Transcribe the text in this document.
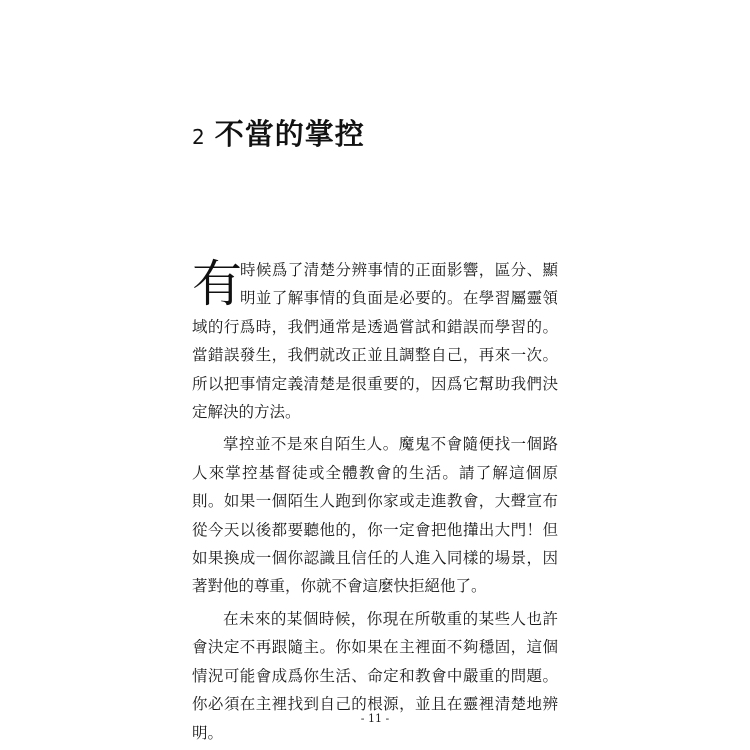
2 不當的掌控

有
時候爲了清楚分辨事情的正面影響，區分、顯明並了解事情的負面是必要的。在學習屬靈領域的行爲時，我們通常是透過嘗試和錯誤而學習的。當錯誤發生，我們就改正並且調整自己，再來一次。所以把事情定義清楚是很重要的，因爲它幫助我們決定解決的方法。

掌控並不是來自陌生人。魔鬼不會隨便找一個路人來掌控基督徒或全體教會的生活。請了解這個原則。如果一個陌生人跑到你家或走進教會，大聲宣布從今天以後都要聽他的，你一定會把他攆出大門！但如果換成一個你認識且信任的人進入同樣的場景，因著對他的尊重，你就不會這麼快拒絕他了。

在未來的某個時候，你現在所敬重的某些人也許會決定不再跟隨主。你如果在主裡面不夠穩固，這個情況可能會成爲你生活、命定和教會中嚴重的問題。你必須在主裡找到自己的根源，並且在靈裡清楚地辨明。

- 11 -
